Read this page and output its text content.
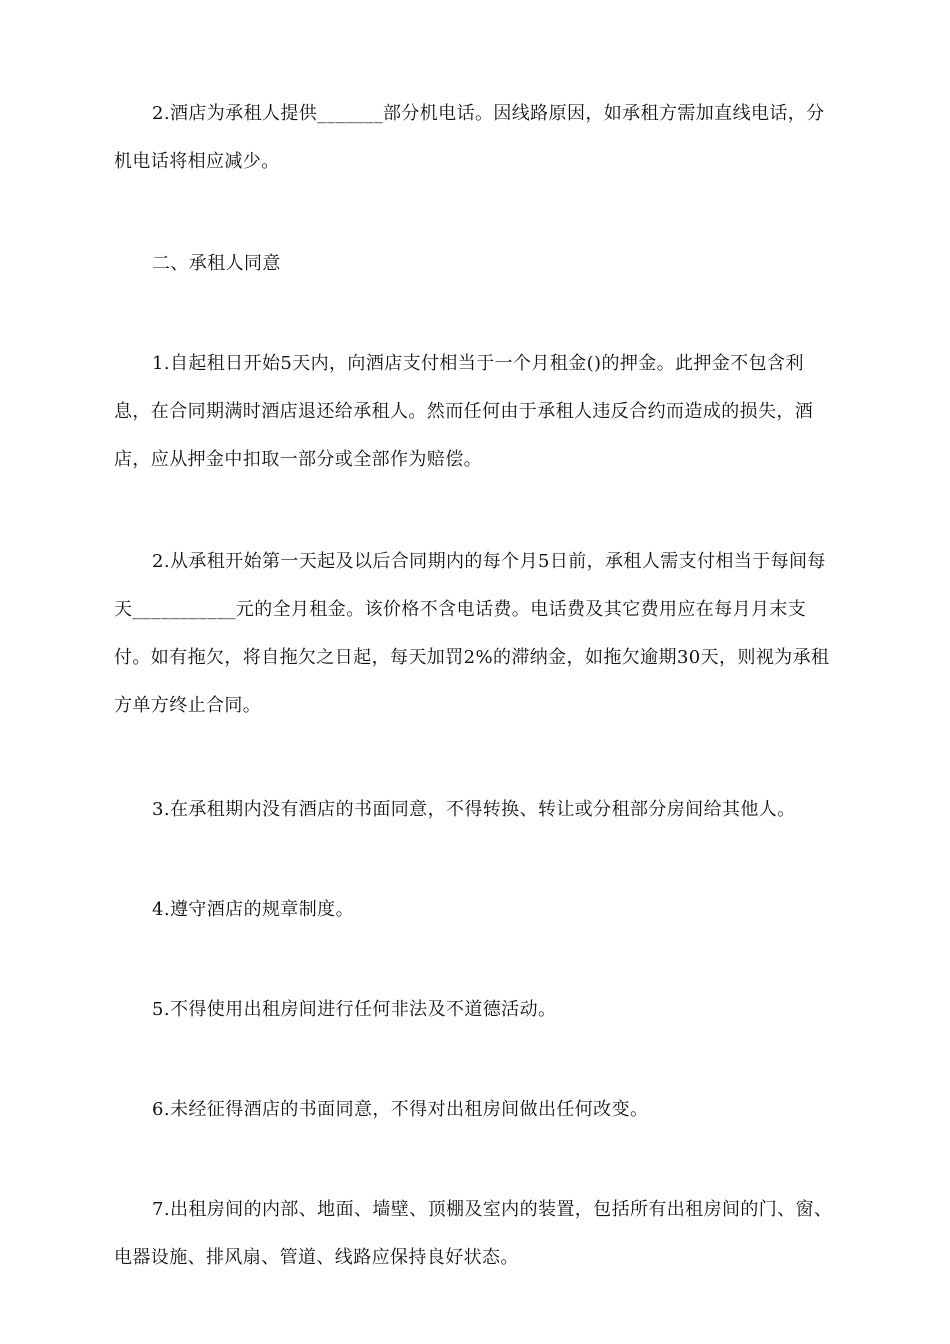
2.酒店为承租人提供_______部分机电话。因线路原因，如承租方需加直线电话，分机电话将相应减少。

二、承租人同意

1.自起租日开始5天内，向酒店支付相当于一个月租金()的押金。此押金不包含利息，在合同期满时酒店退还给承租人。然而任何由于承租人违反合约而造成的损失，酒店，应从押金中扣取一部分或全部作为赔偿。

2.从承租开始第一天起及以后合同期内的每个月5日前，承租人需支付相当于每间每天___________元的全月租金。该价格不含电话费。电话费及其它费用应在每月月末支付。如有拖欠，将自拖欠之日起，每天加罚2%的滞纳金，如拖欠逾期30天，则视为承租方单方终止合同。

3.在承租期内没有酒店的书面同意，不得转换、转让或分租部分房间给其他人。

4.遵守酒店的规章制度。

5.不得使用出租房间进行任何非法及不道德活动。

6.未经征得酒店的书面同意，不得对出租房间做出任何改变。

7.出租房间的内部、地面、墙壁、顶棚及室内的装置，包括所有出租房间的门、窗、电器设施、排风扇、管道、线路应保持良好状态。
